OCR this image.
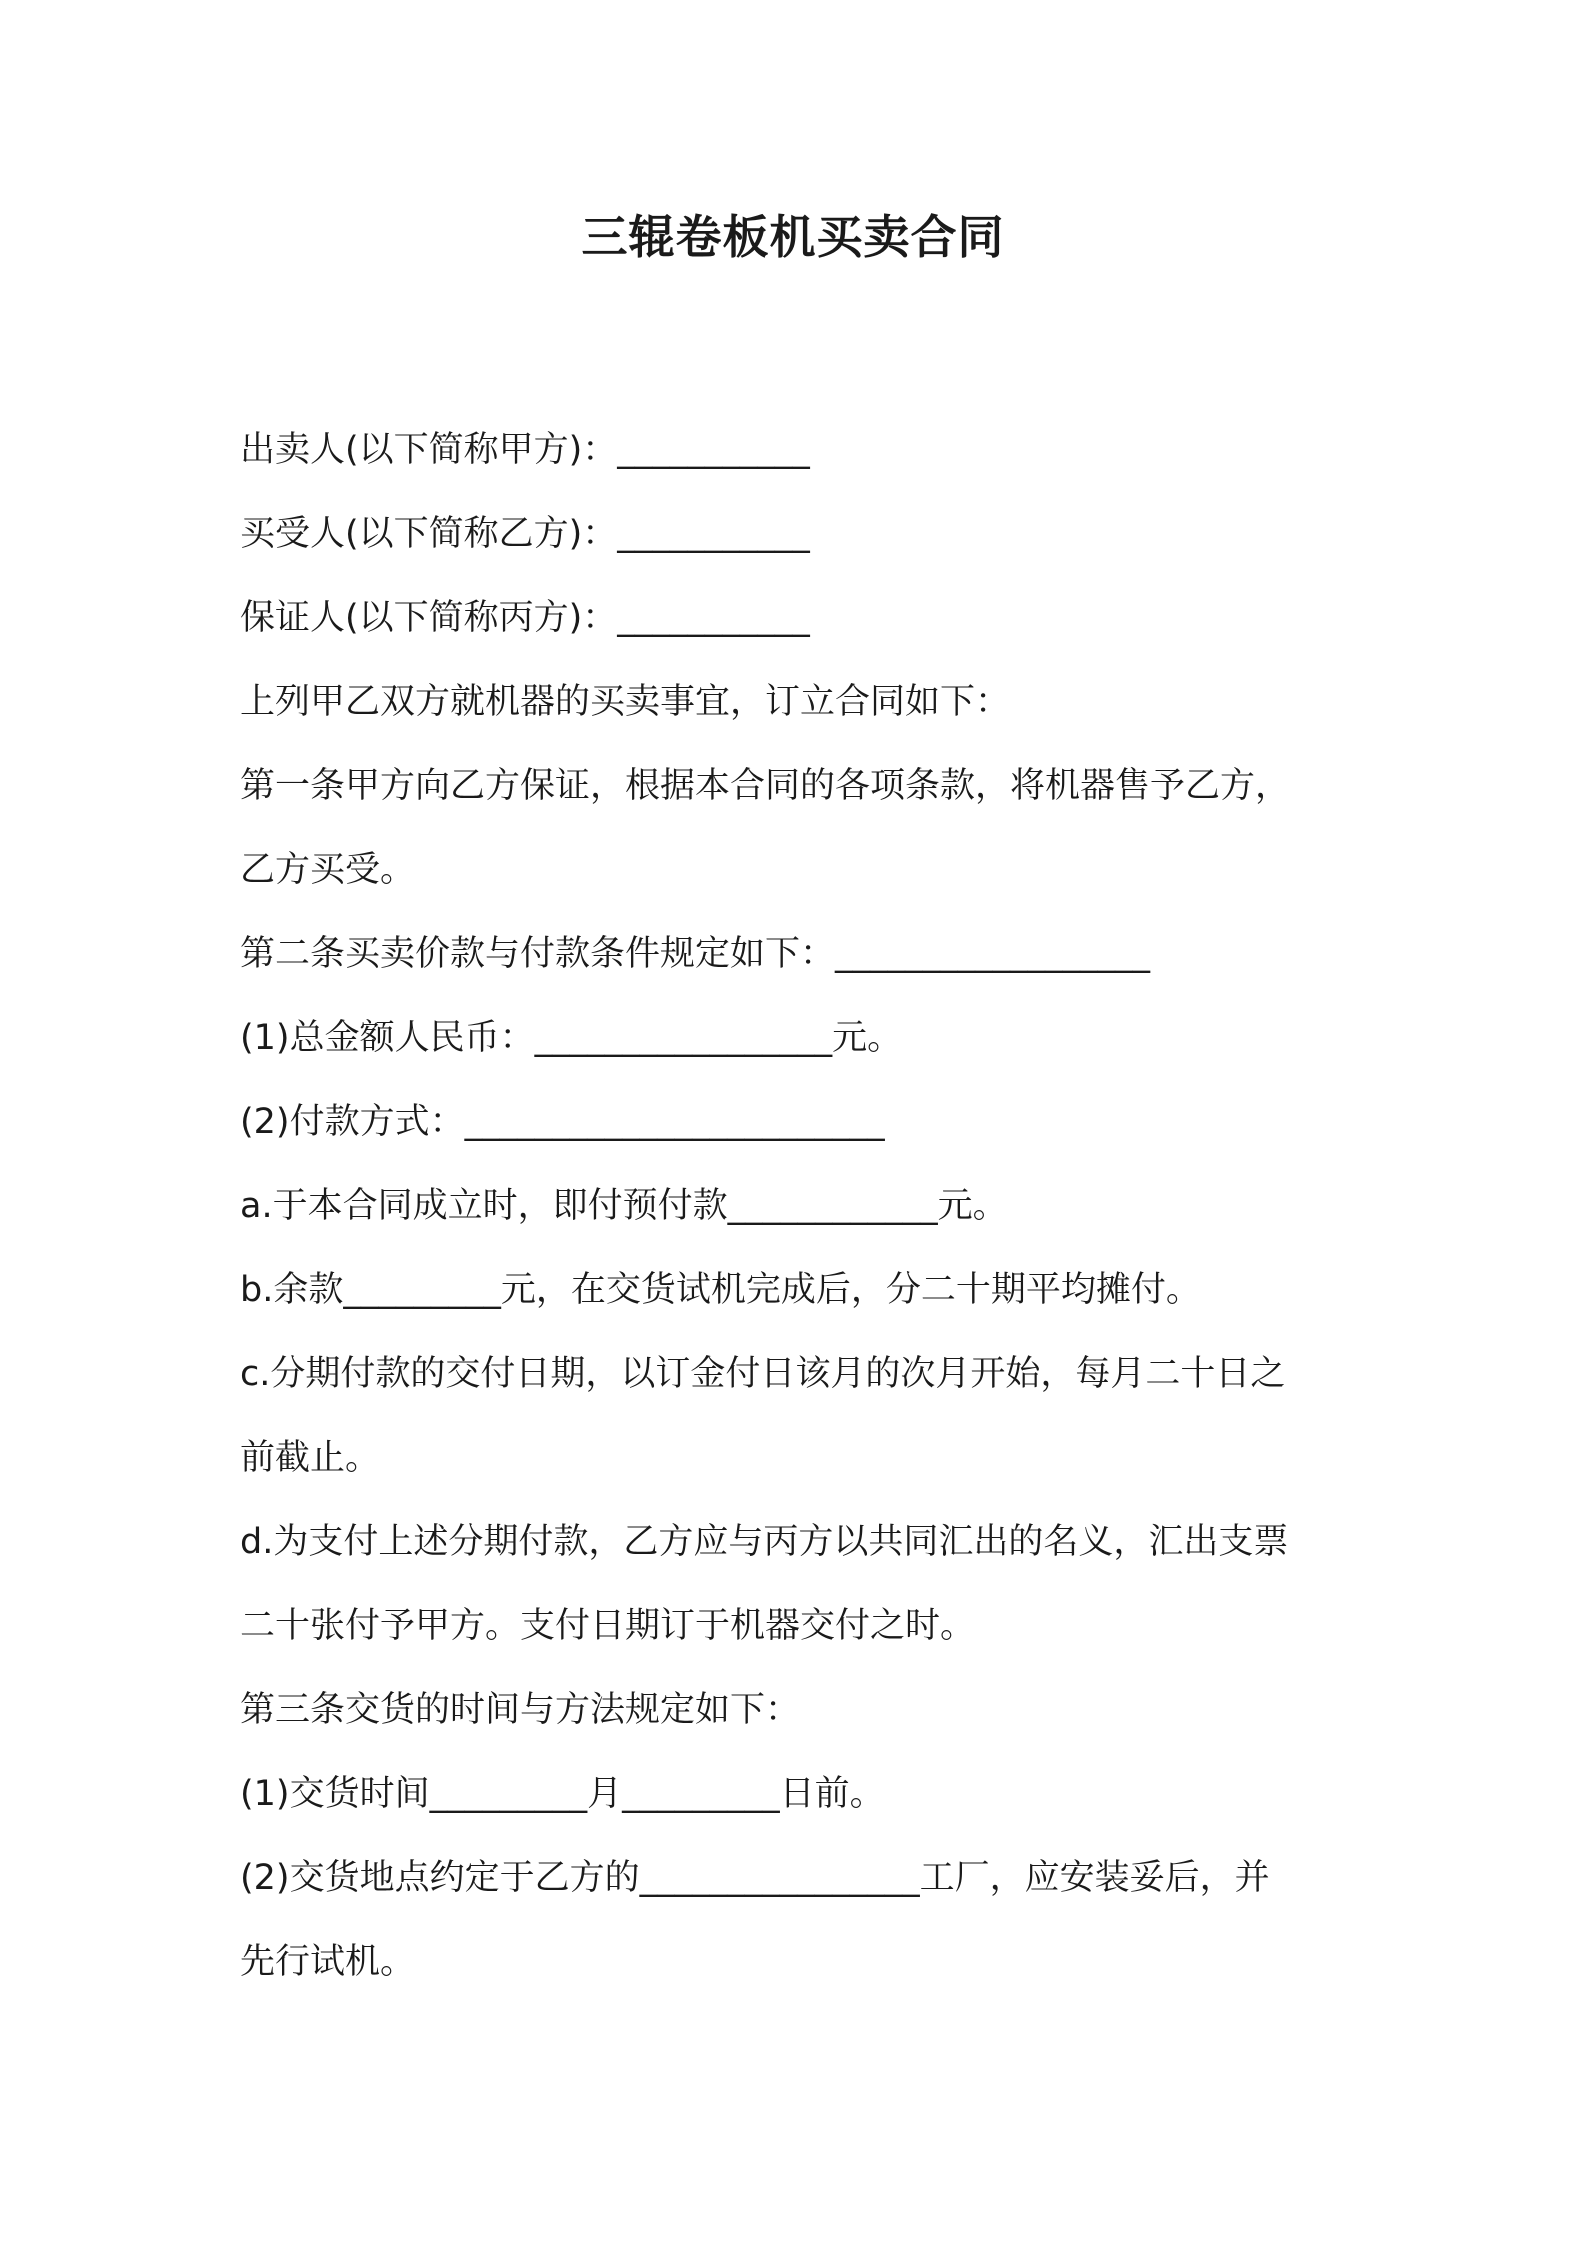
三辊卷板机买卖合同

出卖人(以下简称甲方)：___________

买受人(以下简称乙方)：___________

保证人(以下简称丙方)：___________

上列甲乙双方就机器的买卖事宜，订立合同如下：

第一条甲方向乙方保证，根据本合同的各项条款，将机器售予乙方，

乙方买受。

第二条买卖价款与付款条件规定如下：__________________

(1)总金额人民币：_________________元。

(2)付款方式：________________________

a.于本合同成立时，即付预付款____________元。

b.余款_________元，在交货试机完成后，分二十期平均摊付。

c.分期付款的交付日期，以订金付日该月的次月开始，每月二十日之

前截止。

d.为支付上述分期付款，乙方应与丙方以共同汇出的名义，汇出支票

二十张付予甲方。支付日期订于机器交付之时。

第三条交货的时间与方法规定如下：

(1)交货时间_________月_________日前。

(2)交货地点约定于乙方的________________工厂，应安装妥后，并

先行试机。
